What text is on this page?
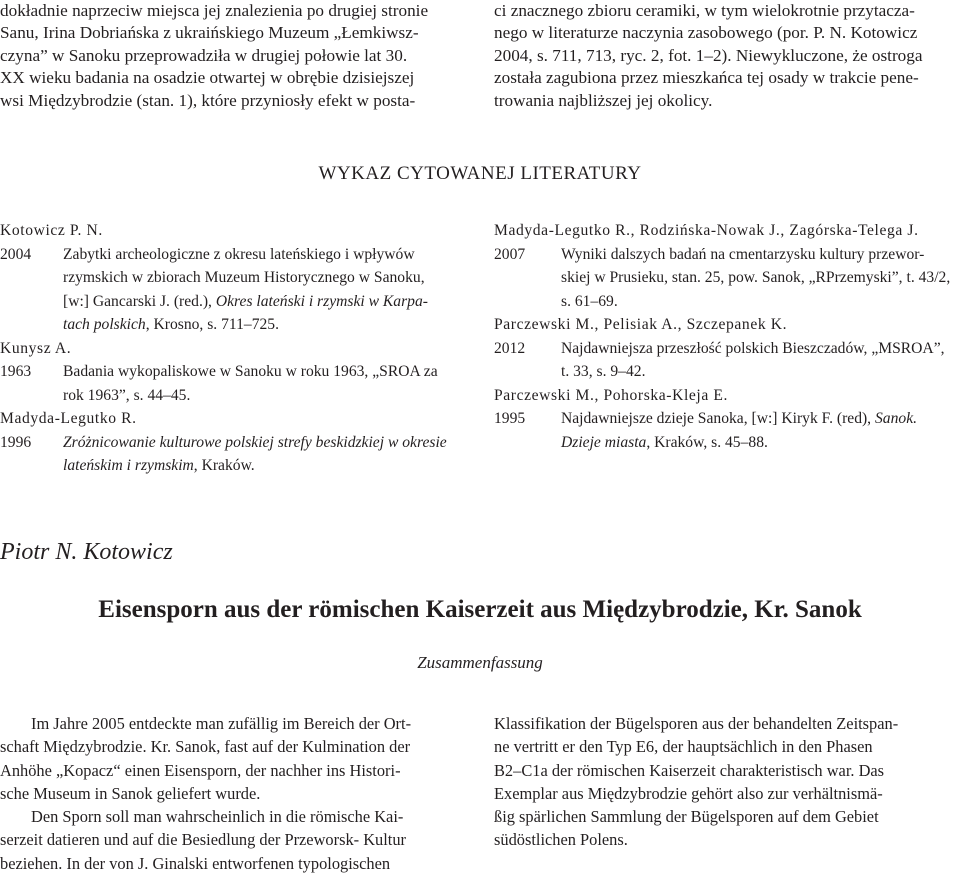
dokładnie naprzeciw miejsca jej znalezienia po drugiej stronie
Sanu, Irina Dobriańska z ukraińskiego Muzeum „Łemkiwsz-
czyna” w Sanoku przeprowadziła w drugiej połowie lat 30.
XX wieku badania na osadzie otwartej w obrębie dzisiejszej
wsi Międzybrodzie (stan. 1), które przyniosły efekt w posta-
ci znacznego zbioru ceramiki, w tym wielokrotnie przytacza-
nego w literaturze naczynia zasobowego (por. P. N. Kotowicz
2004, s. 711, 713, ryc. 2, fot. 1–2). Niewykluczone, że ostroga
została zagubiona przez mieszkańca tej osady w trakcie pene-
trowania najbliższej jej okolicy.
WYKAZ CYTOWANEJ LITERATURY
Kotowicz P. N.
2004	Zabytki archeologiczne z okresu lateńskiego i wpływów
rzymskich w zbiorach Muzeum Historycznego w Sanoku,
[w:] Gancarski J. (red.), Okres lateński i rzymski w Karpa-
tach polskich, Krosno, s. 711–725.
Kunysz A.
1963	Badania wykopaliskowe w Sanoku w roku 1963, „SROA za
rok 1963”, s. 44–45.
Madyda-Legutko R.
1996	Zróżnicowanie kulturowe polskiej strefy beskidzkiej w okresie
lateńskim i rzymskim, Kraków.
Madyda-Legutko R., Rodzińska-Nowak J., Zagórska-Telega J.
2007	Wyniki dalszych badań na cmentarzysku kultury przewor-
skiej w Prusieku, stan. 25, pow. Sanok, „RPrzemyski”, t. 43/2,
s. 61–69.
Parczewski M., Pelisiak A., Szczepanek K.
2012	Najdawniejsza przeszłość polskich Bieszczadów, „MSROA”,
t. 33, s. 9–42.
Parczewski M., Pohorska-Kleja E.
1995	Najdawniejsze dzieje Sanoka, [w:] Kiryk F. (red), Sanok.
Dzieje miasta, Kraków, s. 45–88.
Piotr N. Kotowicz
Eisensporn aus der römischen Kaiserzeit aus Międzybrodzie, Kr. Sanok
Zusammenfassung
Im Jahre 2005 entdeckte man zufällig im Bereich der Ort-
schaft Międzybrodzie. Kr. Sanok, fast auf der Kulmination der
Anhöhe „Kopacz“ einen Eisensporn, der nachher ins Histori-
sche Museum in Sanok geliefert wurde.
Den Sporn soll man wahrscheinlich in die römische Kai-
serzeit datieren und auf die Besiedlung der Przeworsk- Kultur
beziehen. In der von J. Ginalski entworfenen typologischen
Klassifikation der Bügelsporen aus der behandelten Zeitspan-
ne vertritt er den Typ E6, der hauptsächlich in den Phasen
B2–C1a der römischen Kaiserzeit charakteristisch war. Das
Exemplar aus Międzybrodzie gehört also zur verhältnismä-
ßig spärlichen Sammlung der Bügelsporen auf dem Gebiet
südöstlichen Polens.
